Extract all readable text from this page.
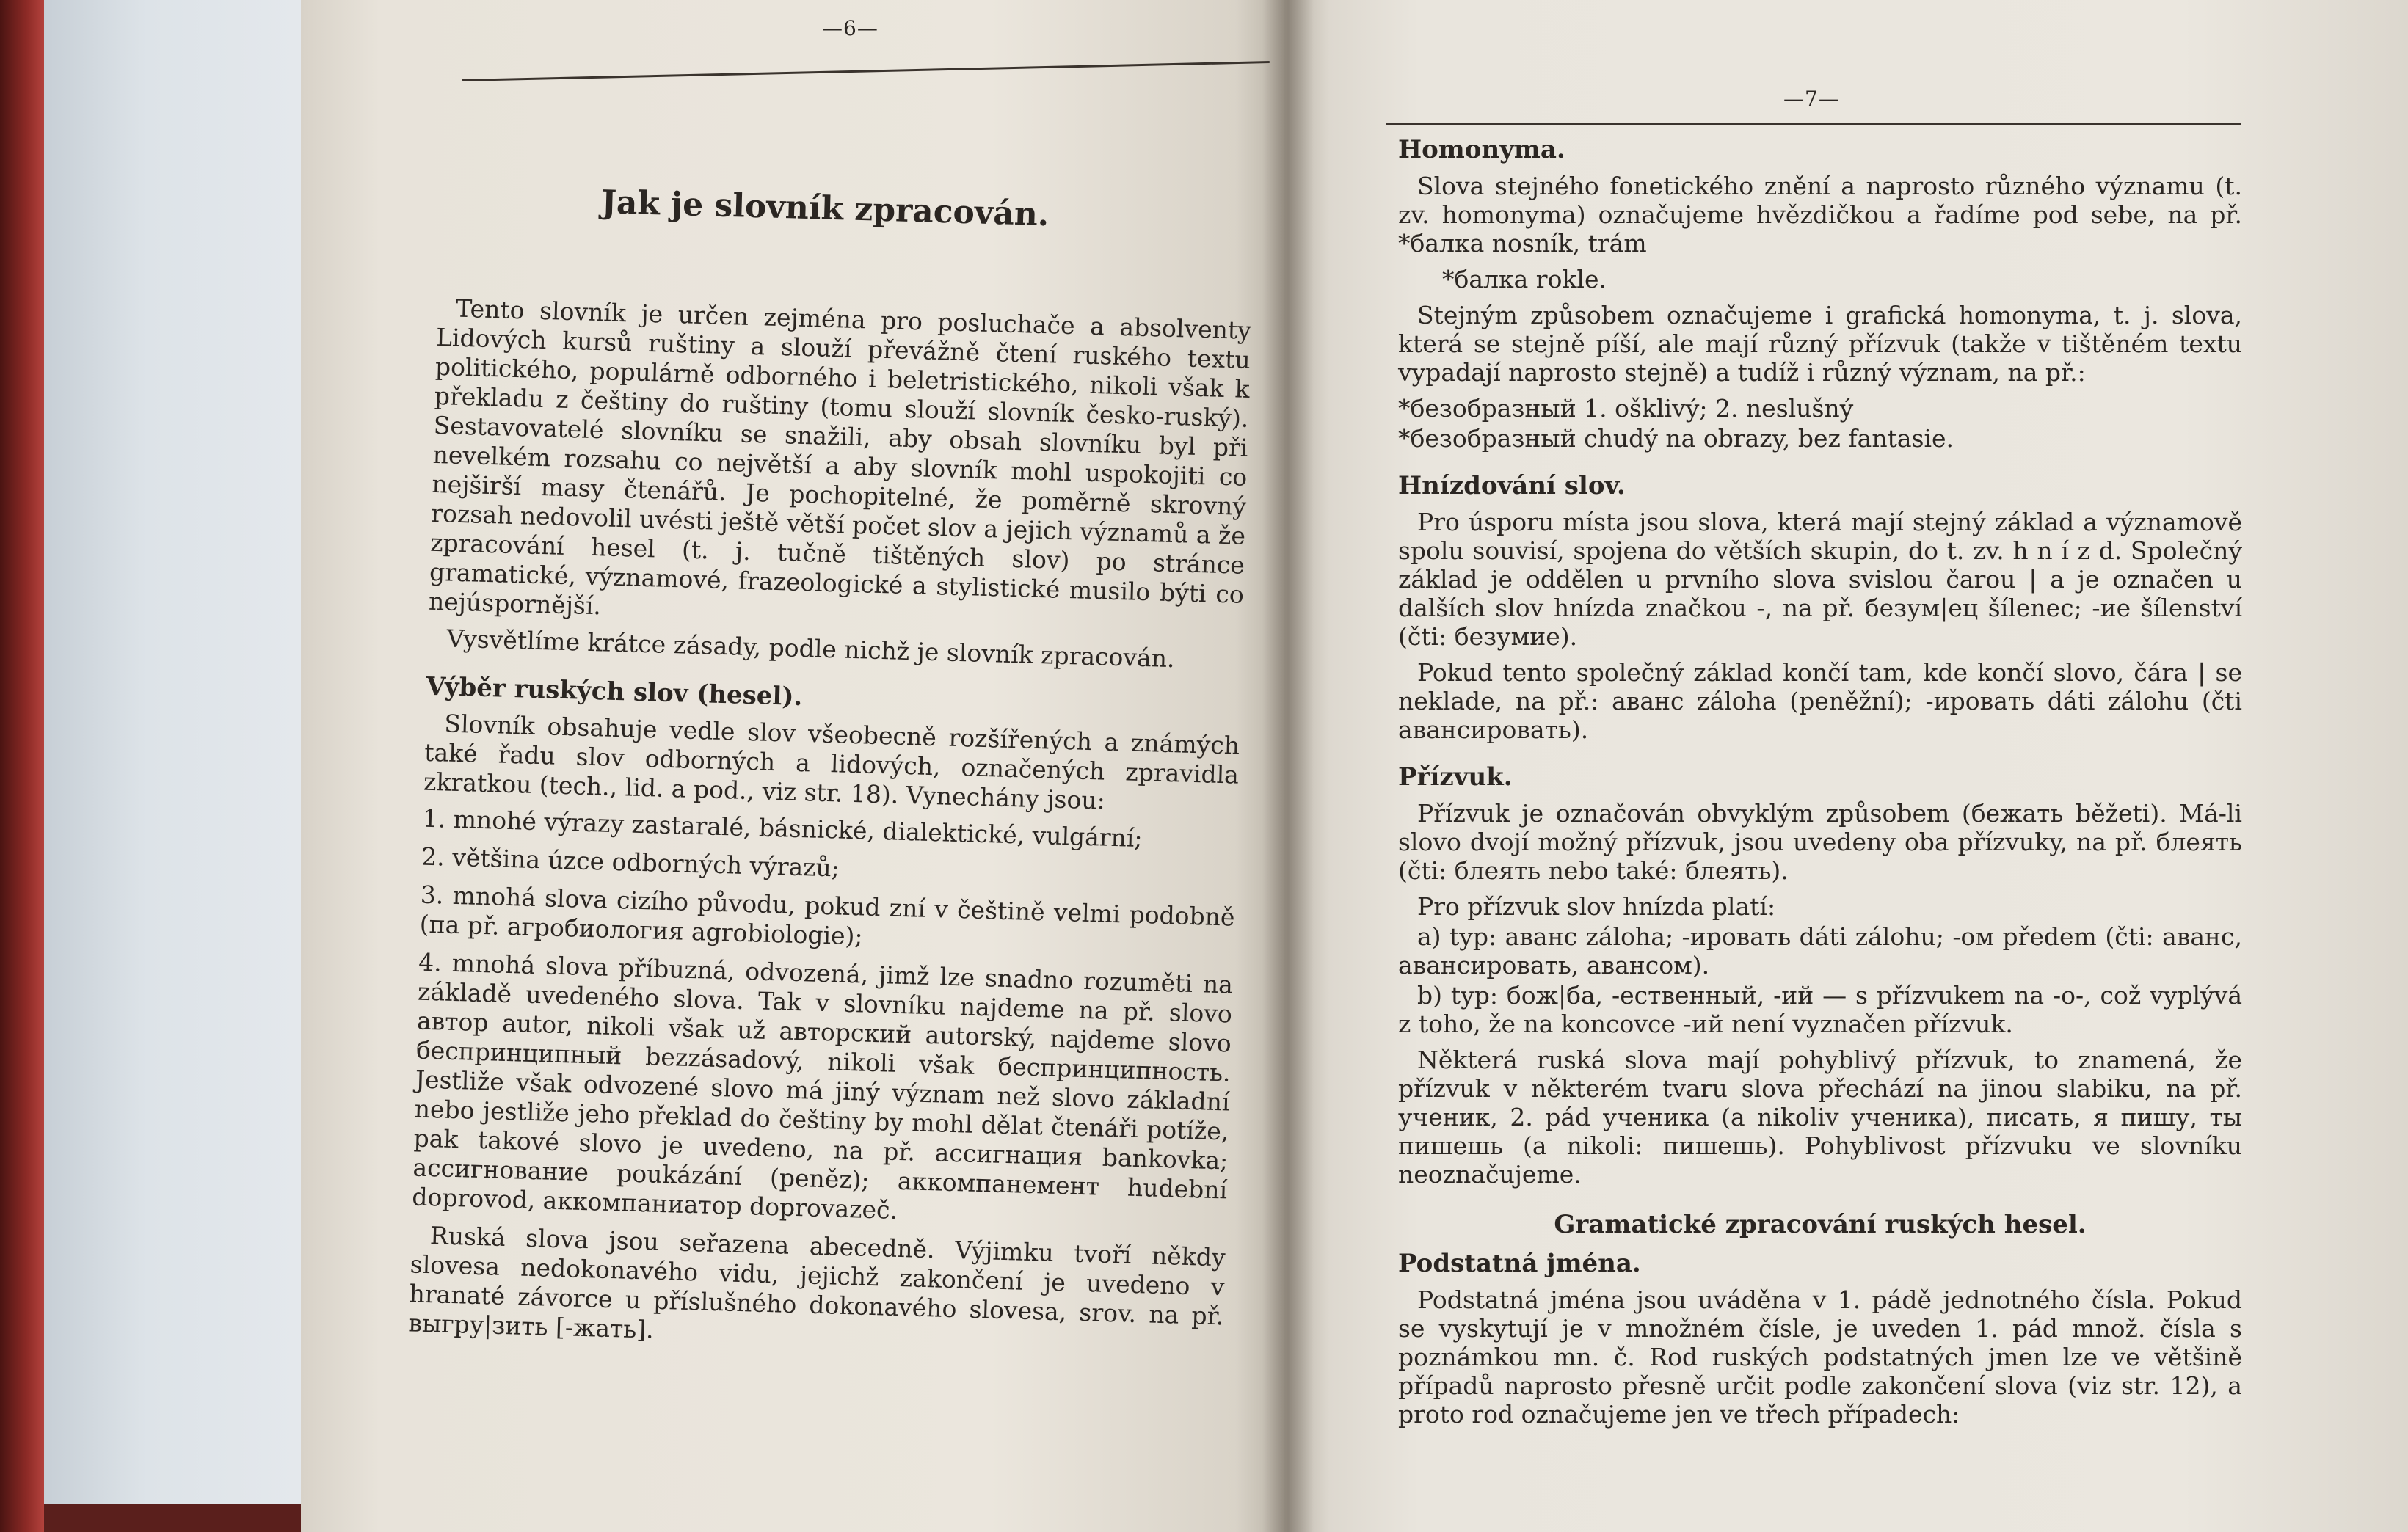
—6—
—7—
Jak je slovník zpracován.

Tento slovník je určen zejména pro posluchače a absolventy Lidových kursů ruštiny a slouží převážně čtení ruského textu politického, populárně odborného i beletristického, nikoli však k překladu z češtiny do ruštiny (tomu slouží slovník česko-ruský). Sestavovatelé slovníku se snažili, aby obsah slovníku byl při nevelkém rozsahu co největší a aby slovník mohl uspokojiti co nejširší masy čtenářů. Je pochopitelné, že poměrně skrovný rozsah nedovolil uvésti ještě větší počet slov a jejich významů a že zpracování hesel (t. j. tučně tištěných slov) po stránce gramatické, významové, frazeologické a stylistické musilo býti co nejúspornější.

Vysvětlíme krátce zásady, podle nichž je slovník zpracován.

Výběr ruských slov (hesel).

Slovník obsahuje vedle slov všeobecně rozšířených a známých také řadu slov odborných a lidových, označených zpravidla zkratkou (tech., lid. a pod., viz str. 18). Vynechány jsou:

1. mnohé výrazy zastaralé, básnické, dialektické, vulgární;

2. většina úzce odborných výrazů;

3. mnohá slova cizího původu, pokud zní v češtině velmi podobně (па př. агробиология agrobiologie);

4. mnohá slova příbuzná, odvozená, jimž lze snadno rozuměti na základě uvedeného slova. Tak v slovníku najdeme na př. slovo автор autor, nikoli však už авторский autorský, najdeme slovo беспринципный bezzásadový, nikoli však беспринципность. Jestliže však odvozené slovo má jiný význam než slovo základní nebo jestliže jeho překlad do češtiny by mohl dělat čtenáři potíže, pak takové slovo je uvedeno, na př. ассигнация bankovka; ассигнование poukázání (peněz); аккомпанемент hudební doprovod, аккомпаниатор doprovazeč.

Ruská slova jsou seřazena abecedně. Výjimku tvoří někdy slovesa nedokonavého vidu, jejichž zakončení je uvedeno v hranaté závorce u příslušného dokonavého slovesa, srov. na př. выгру|зить [-жать].

Homonyma.

Slova stejného fonetického znění a naprosto různého významu (t. zv. homonyma) označujeme hvězdičkou a řadíme pod sebe, na př. *балка nosník, trám

*балка rokle.

Stejným způsobem označujeme i grafická homonyma, t. j. slova, která se stejně píší, ale mají různý přízvuk (takže v tištěném textu vypadají naprosto stejně) a tudíž i různý význam, na př.:

*безобразный 1. ošklivý; 2. neslušný

*безобразный chudý na obrazy, bez fantasie.

Hnízdování slov.

Pro úsporu místa jsou slova, která mají stejný základ a významově spolu souvisí, spojena do větších skupin, do t. zv. h n í z d. Společný základ je oddělen u prvního slova svislou čarou | a je označen u dalších slov hnízda značkou -, na př. безум|ец šílenec; -ие šílenství (čti: безумие).

Pokud tento společný základ končí tam, kde končí slovo, čára | se neklade, na př.: аванс záloha (peněžní); -ировать dáti zálohu (čti авансировать).

Přízvuk.

Přízvuk je označován obvyklým způsobem (бежать běžeti). Má-li slovo dvojí možný přízvuk, jsou uvedeny oba přízvuky, na př. блеять (čti: блеять nebo také: блеять).

Pro přízvuk slov hnízda platí:

a) typ: аванс záloha; -ировать dáti zálohu; -ом předem (čti: аванс, авансировать, авансом).

b) typ: бож|ба, -ественный, -ий — s přízvukem na -о-, což vyplývá z toho, že na koncovce -ий není vyznačen přízvuk.

Některá ruská slova mají pohyblivý přízvuk, to znamená, že přízvuk v některém tvaru slova přechází na jinou slabiku, na př. ученик, 2. pád ученика (a nikoliv ученика), писать, я пишу, ты пишешь (a nikoli: пишешь). Pohyblivost přízvuku ve slovníku neoznačujeme.

Gramatické zpracování ruských hesel.
Podstatná jména.

Podstatná jména jsou uváděna v 1. pádě jednotného čísla. Pokud se vyskytují je v množném čísle, je uveden 1. pád množ. čísla s poznámkou mn. č. Rod ruských podstatných jmen lze ve většině případů naprosto přesně určit podle zakončení slova (viz str. 12), a proto rod označujeme jen ve třech případech:
